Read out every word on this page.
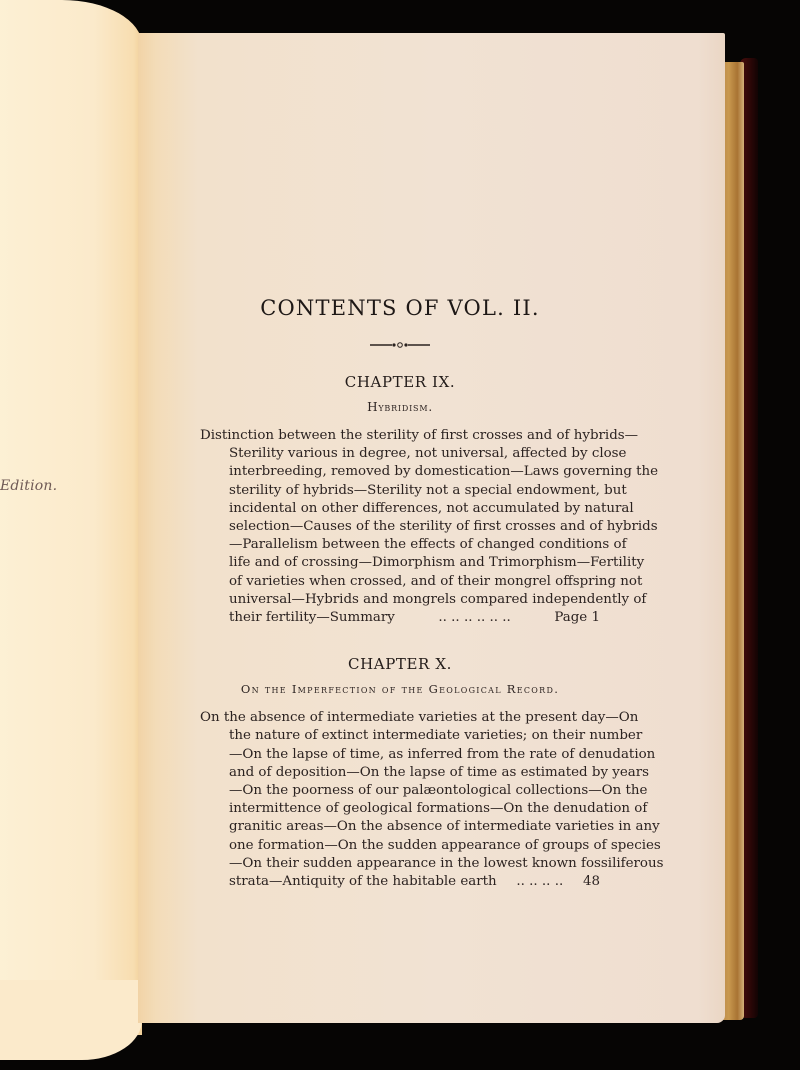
Edition.
CONTENTS OF VOL. II.
CHAPTER IX.
Hybridism.
Distinction between the sterility of first crosses and of hybrids—
Sterility various in degree, not universal, affected by close
interbreeding, removed by domestication—Laws governing the
sterility of hybrids—Sterility not a special endowment, but
incidental on other differences, not accumulated by natural
selection—Causes of the sterility of first crosses and of hybrids
—Parallelism between the effects of changed conditions of
life and of crossing—Dimorphism and Trimorphism—Fertility
of varieties when crossed, and of their mongrel offspring not
universal—Hybrids and mongrels compared independently of
their fertility—Summary	.. .. .. .. .. ..	Page 1
CHAPTER X.
On the Imperfection of the Geological Record.
On the absence of intermediate varieties at the present day—On
the nature of extinct intermediate varieties; on their number
—On the lapse of time, as inferred from the rate of denudation
and of deposition—On the lapse of time as estimated by years
—On the poorness of our palæontological collections—On the
intermittence of geological formations—On the denudation of
granitic areas—On the absence of intermediate varieties in any
one formation—On the sudden appearance of groups of species
—On their sudden appearance in the lowest known fossiliferous
strata—Antiquity of the habitable earth .. .. .. .. 48
